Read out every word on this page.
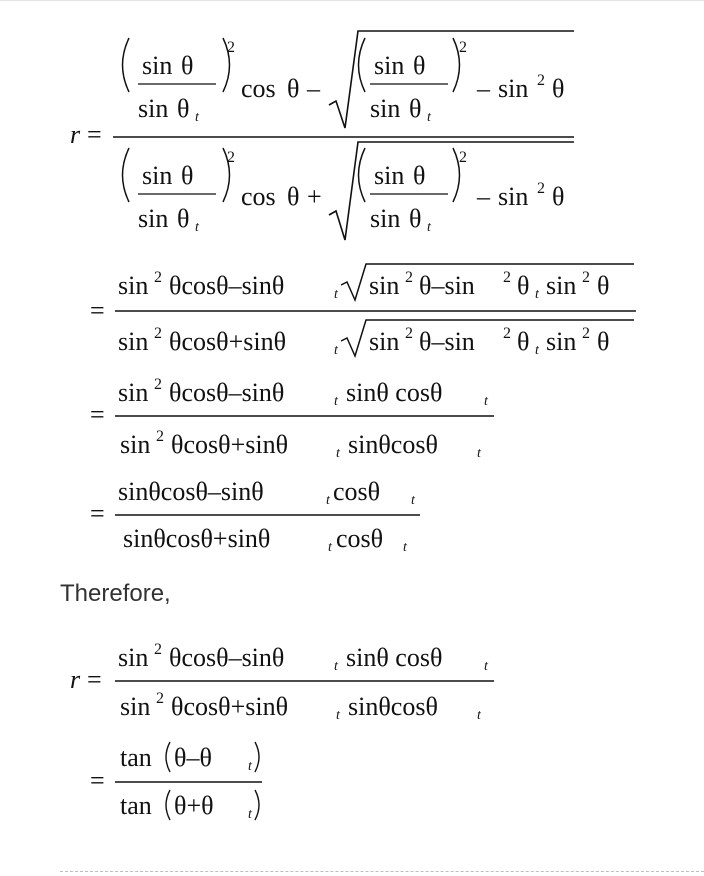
r =
sin θ
sin θ t
2
cos θ –
sin θ
sin θ t
2
– sin 2 θ
sin θ
sin θ t
2
cos θ +
sin θ
sin θ t
2
– sin 2 θ
=
sin 2 θcosθ–sinθ	t sin 2 θ–sin 2 θ t sin 2 θ
sin 2 θcosθ+sinθ	t sin 2 θ–sin 2 θ t sin 2 θ
=
sin 2 θcosθ–sinθ	t sinθ cosθ	t
sin 2 θcosθ+sinθ	t sinθcosθ	t
=
sinθcosθ–sinθ	t cosθ t
sinθcosθ+sinθ	t cosθ t
Therefore,
r =
sin 2 θcosθ–sinθ	t sinθ cosθ	t
sin 2 θcosθ+sinθ	t sinθcosθ	t
=
tan θ–θ	t
tan θ+θ t
